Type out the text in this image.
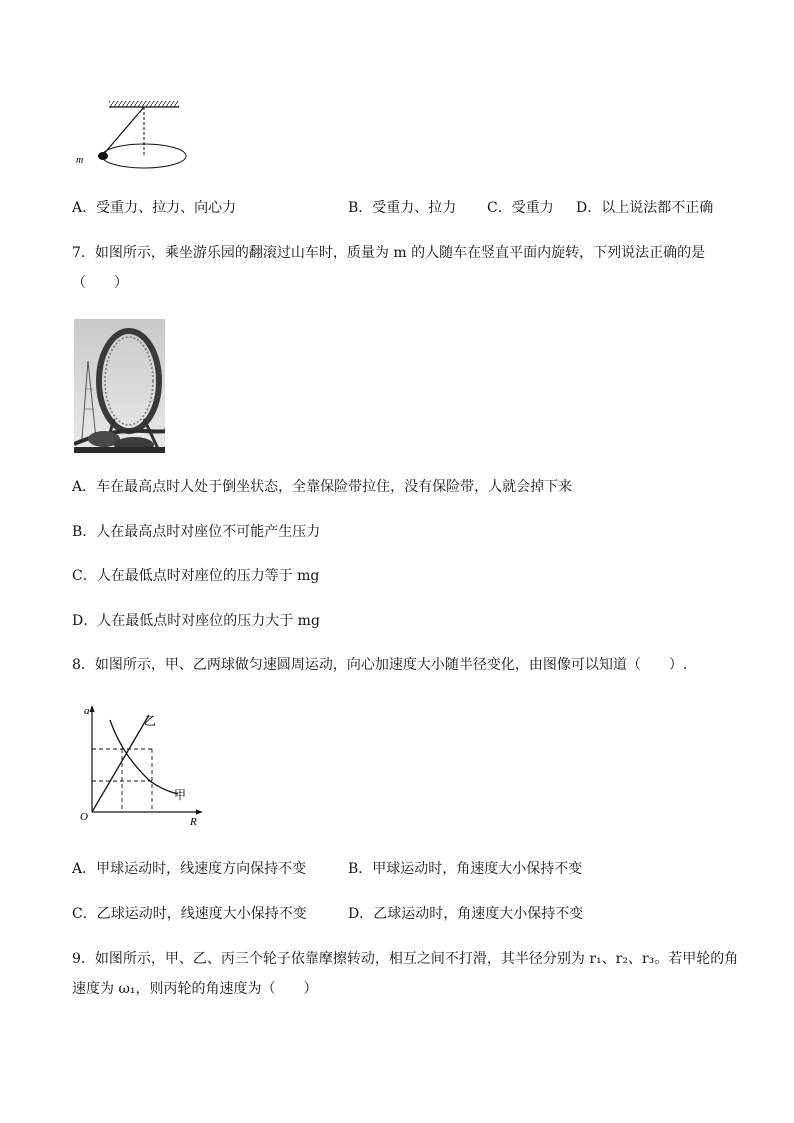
m
A．受重力、拉力、向心力	B．受重力、拉力 C．受重力 D．以上说法都不正确
7．如图所示，乘坐游乐园的翻滚过山车时，质量为 m 的人随车在竖直平面内旋转，下列说法正确的是
（　　）
A．车在最高点时人处于倒坐状态，全靠保险带拉住，没有保险带，人就会掉下来
B．人在最高点时对座位不可能产生压力
C．人在最低点时对座位的压力等于 mg
D．人在最低点时对座位的压力大于 mg
8．如图所示，甲、乙两球做匀速圆周运动，向心加速度大小随半径变化，由图像可以知道（　　）.
a
R
O
乙
甲
A．甲球运动时，线速度方向保持不变	B．甲球运动时，角速度大小保持不变
C．乙球运动时，线速度大小保持不变	D．乙球运动时，角速度大小保持不变
9．如图所示，甲、乙、丙三个轮子依靠摩擦转动，相互之间不打滑，其半径分别为 r₁、r₂、r₃。若甲轮的角
速度为 ω₁，则丙轮的角速度为（　　）
